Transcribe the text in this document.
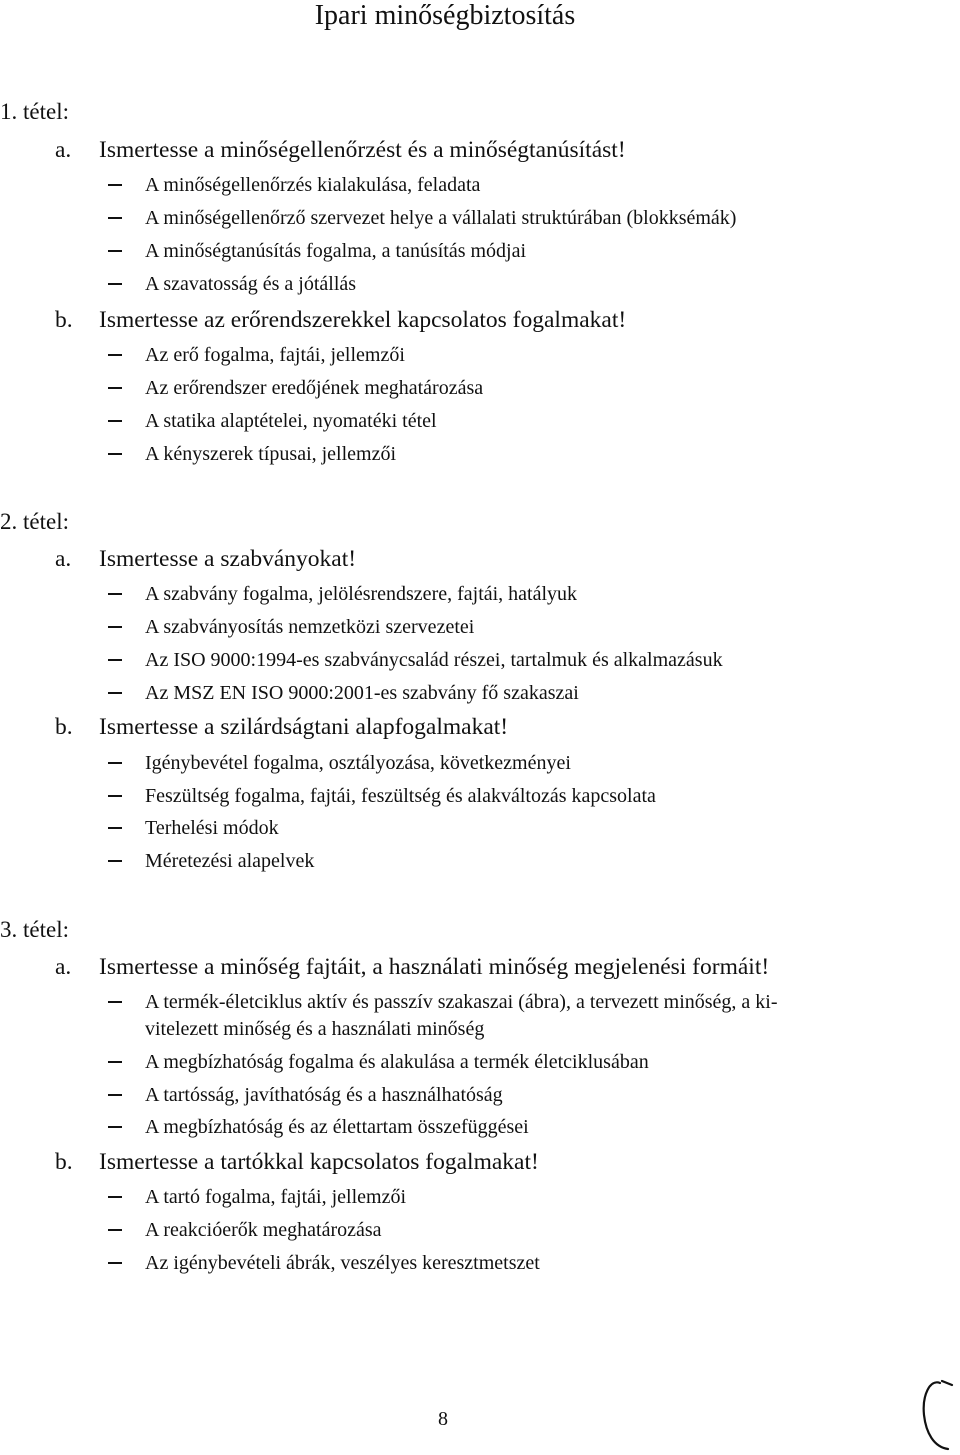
Ipari minőségbiztosítás
1. tétel:
a. Ismertesse a minőségellenőrzést és a minőségtanúsítást!
A minőségellenőrzés kialakulása, feladata
A minőségellenőrző szervezet helye a vállalati struktúrában (blokksémák)
A minőségtanúsítás fogalma, a tanúsítás módjai
A szavatosság és a jótállás
b. Ismertesse az erőrendszerekkel kapcsolatos fogalmakat!
Az erő fogalma, fajtái, jellemzői
Az erőrendszer eredőjének meghatározása
A statika alaptételei, nyomatéki tétel
A kényszerek típusai, jellemzői
2. tétel:
a. Ismertesse a szabványokat!
A szabvány fogalma, jelölésrendszere, fajtái, hatályuk
A szabványosítás nemzetközi szervezetei
Az ISO 9000:1994-es szabványcsalád részei, tartalmuk és alkalmazásuk
Az MSZ EN ISO 9000:2001-es szabvány fő szakaszai
b. Ismertesse a szilárdságtani alapfogalmakat!
Igénybevétel fogalma, osztályozása, következményei
Feszültség fogalma, fajtái, feszültség és alakváltozás kapcsolata
Terhelési módok
Méretezési alapelvek
3. tétel:
a. Ismertesse a minőség fajtáit, a használati minőség megjelenési formáit!
A termék-életciklus aktív és passzív szakaszai (ábra), a tervezett minőség, a ki-
vitelezett minőség és a használati minőség
A megbízhatóság fogalma és alakulása a termék életciklusában
A tartósság, javíthatóság és a használhatóság
A megbízhatóság és az élettartam összefüggései
b. Ismertesse a tartókkal kapcsolatos fogalmakat!
A tartó fogalma, fajtái, jellemzői
A reakcióerők meghatározása
Az igénybevételi ábrák, veszélyes keresztmetszet
8
